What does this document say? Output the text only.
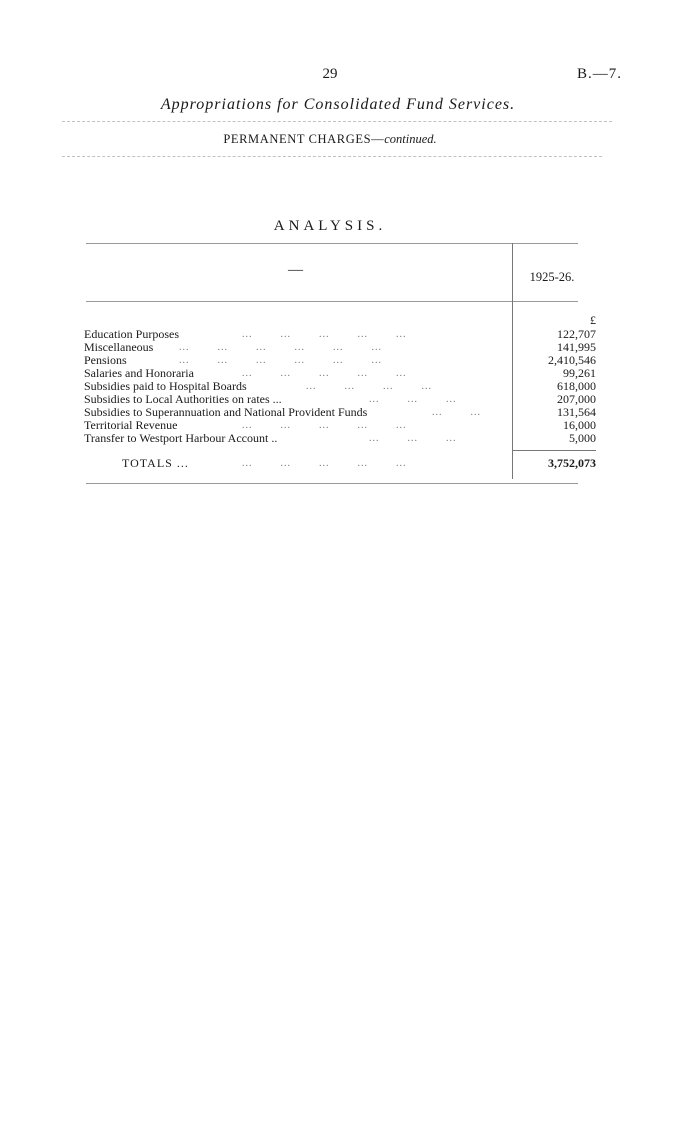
29	B.—7.
Appropriations for Consolidated Fund Services.
PERMANENT CHARGES—continued.
ANALYSIS.
—	1925-26.
£
Education Purposes	...        ...        ...        ...        ...	122,707
Miscellaneous	...        ...        ...        ...        ...        ...	141,995
Pensions	...        ...        ...        ...        ...        ...	2,410,546
Salaries and Honoraria	...        ...        ...        ...        ...	99,261
Subsidies paid to Hospital Boards	...        ...        ...        ...	618,000
Subsidies to Local Authorities on rates ...	...        ...        ...	207,000
Subsidies to Superannuation and National Provident Funds	...        ...	131,564
Territorial Revenue	...        ...        ...        ...        ...	16,000
Transfer to Westport Harbour Account ..	...        ...        ...	5,000
TOTALS ...	...        ...        ...        ...        ...	3,752,073
